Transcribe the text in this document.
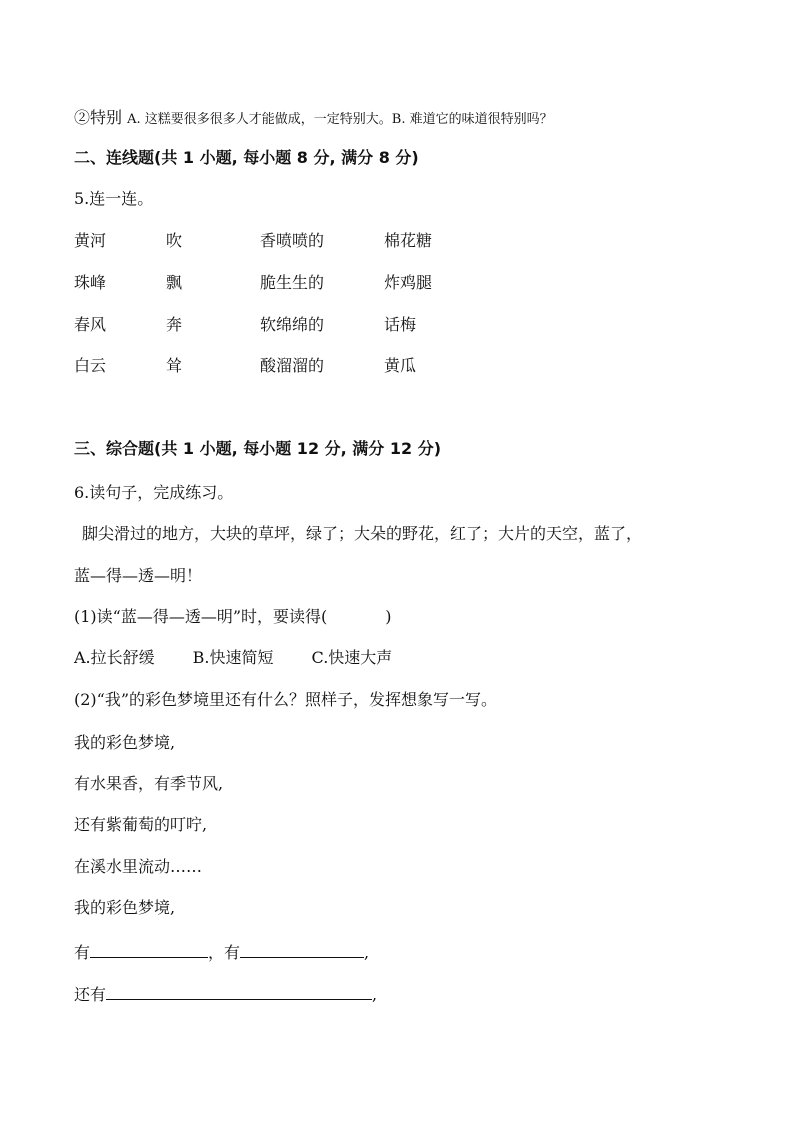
②特别 A. 这糕要很多很多人才能做成，一定特别大。B. 难道它的味道很特别吗？
二、连线题(共 1 小题, 每小题 8 分, 满分 8 分)
5.连一连。
黄河	吹	香喷喷的	棉花糖
珠峰	飘	脆生生的	炸鸡腿
春风	奔	软绵绵的	话梅
白云	耸	酸溜溜的	黄瓜
三、综合题(共 1 小题, 每小题 12 分, 满分 12 分)
6.读句子，完成练习。
脚尖滑过的地方，大块的草坪，绿了；大朵的野花，红了；大片的天空，蓝了，
蓝—得—透—明！
(1)读“蓝—得—透—明”时，要读得(	)
A.拉长舒缓 B.快速简短 C.快速大声
(2)“我”的彩色梦境里还有什么？照样子，发挥想象写一写。
我的彩色梦境,
有水果香，有季节风,
还有紫葡萄的叮咛,
在溪水里流动……
我的彩色梦境,
有	，有	,
还有	,
